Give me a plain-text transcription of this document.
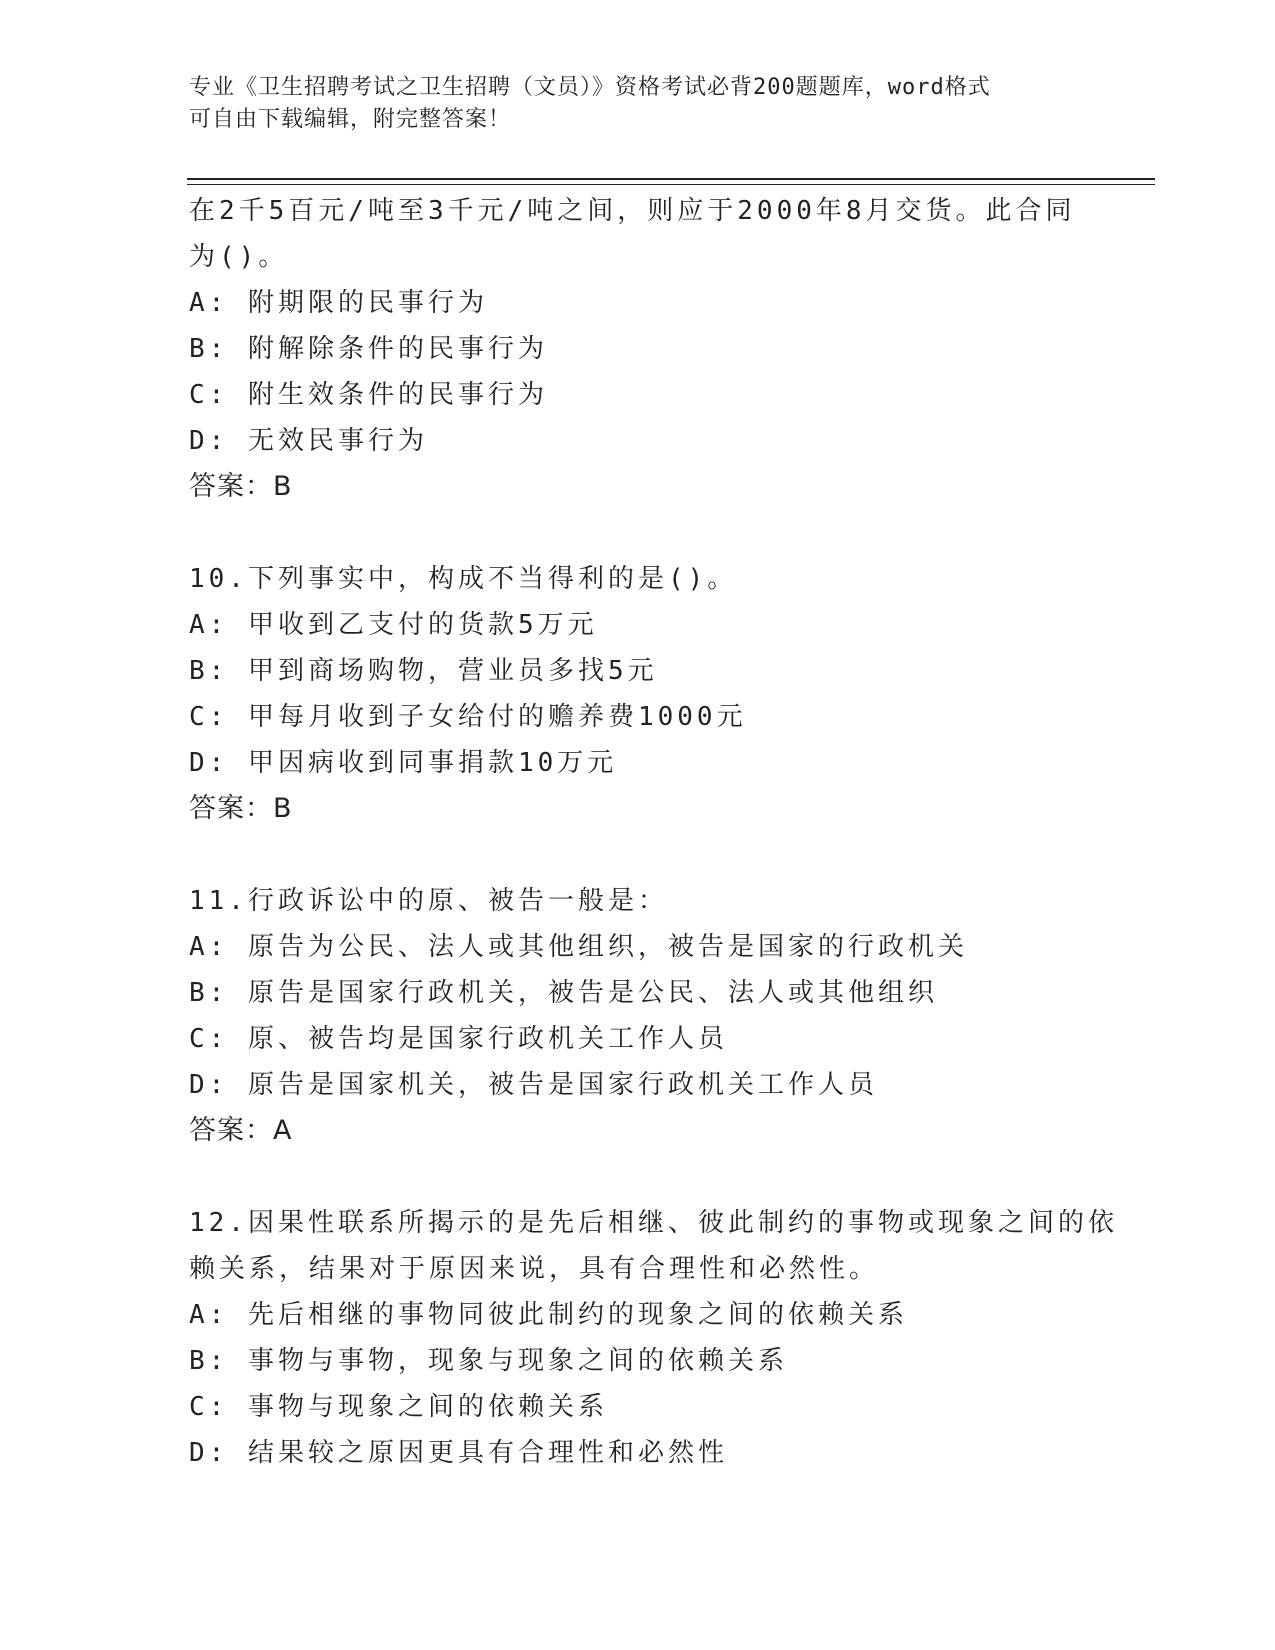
专业《卫生招聘考试之卫生招聘（文员）》资格考试必背200题题库，word格式
可自由下载编辑，附完整答案！
在2千5百元/吨至3千元/吨之间，则应于2000年8月交货。此合同
为()。
A: 附期限的民事行为
B: 附解除条件的民事行为
C: 附生效条件的民事行为
D: 无效民事行为
答案：B
10.下列事实中，构成不当得利的是()。
A: 甲收到乙支付的货款5万元
B: 甲到商场购物，营业员多找5元
C: 甲每月收到子女给付的赡养费1000元
D: 甲因病收到同事捐款10万元
答案：B
11.行政诉讼中的原、被告一般是：
A: 原告为公民、法人或其他组织，被告是国家的行政机关
B: 原告是国家行政机关，被告是公民、法人或其他组织
C: 原、被告均是国家行政机关工作人员
D: 原告是国家机关，被告是国家行政机关工作人员
答案：A
12.因果性联系所揭示的是先后相继、彼此制约的事物或现象之间的依
赖关系，结果对于原因来说，具有合理性和必然性。
A: 先后相继的事物同彼此制约的现象之间的依赖关系
B: 事物与事物，现象与现象之间的依赖关系
C: 事物与现象之间的依赖关系
D: 结果较之原因更具有合理性和必然性
